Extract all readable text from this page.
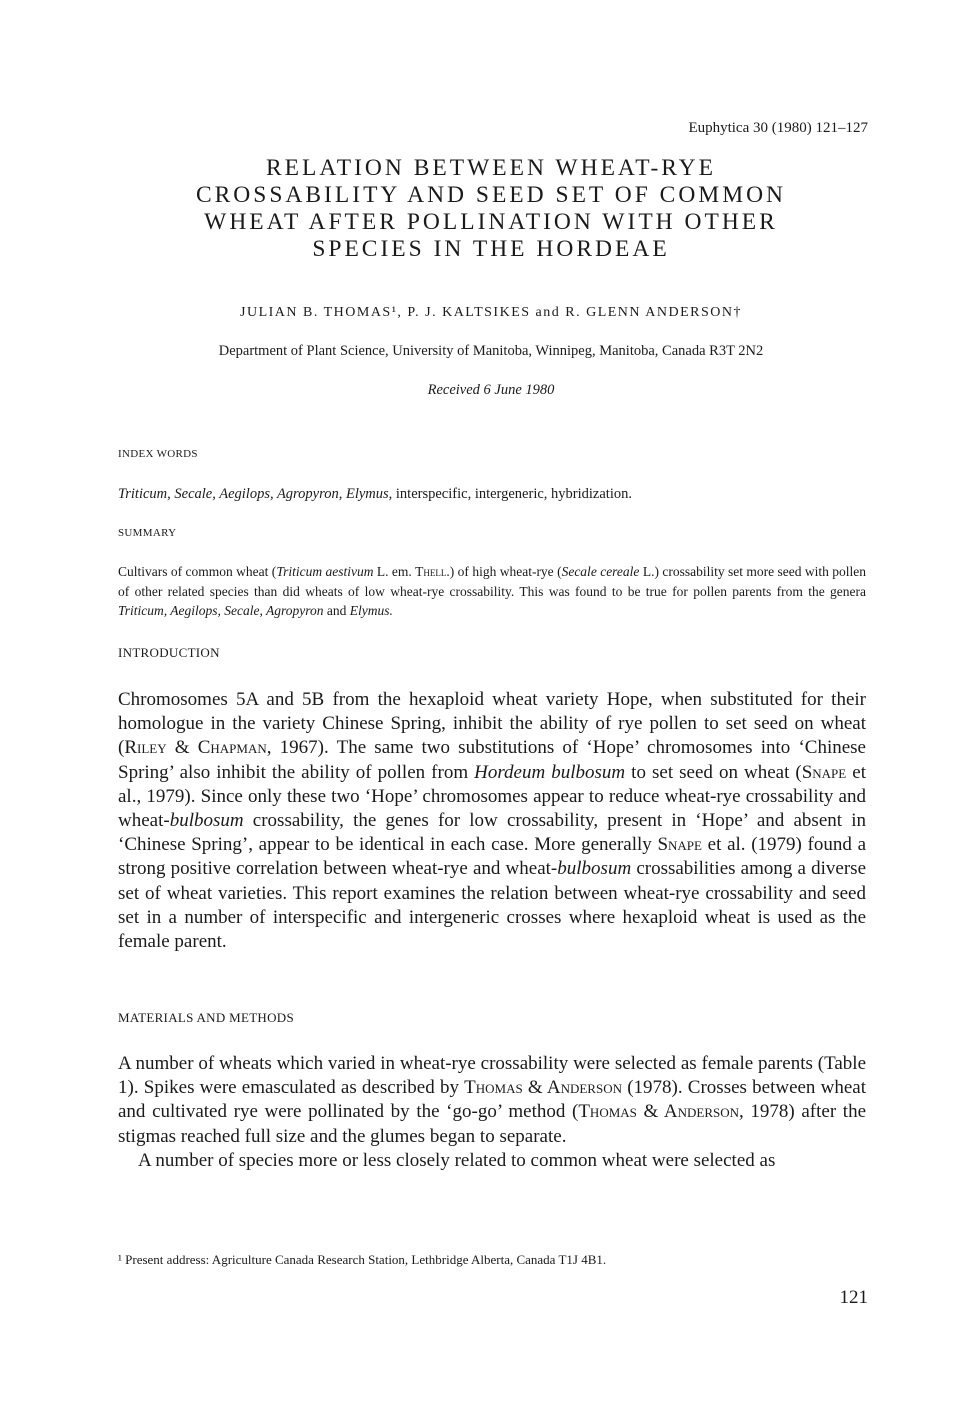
Euphytica 30 (1980) 121–127
RELATION BETWEEN WHEAT-RYE
CROSSABILITY AND SEED SET OF COMMON
WHEAT AFTER POLLINATION WITH OTHER
SPECIES IN THE HORDEAE
JULIAN B. THOMAS¹, P. J. KALTSIKES and R. GLENN ANDERSON†
Department of Plant Science, University of Manitoba, Winnipeg, Manitoba, Canada R3T 2N2
Received 6 June 1980
INDEX WORDS
Triticum, Secale, Aegilops, Agropyron, Elymus, interspecific, intergeneric, hybridization.
SUMMARY
Cultivars of common wheat (Triticum aestivum L. em. Thell.) of high wheat-rye (Secale cereale L.) crossability set more seed with pollen of other related species than did wheats of low wheat-rye crossability. This was found to be true for pollen parents from the genera Triticum, Aegilops, Secale, Agropyron and Elymus.
INTRODUCTION

Chromosomes 5A and 5B from the hexaploid wheat variety Hope, when substituted for their homologue in the variety Chinese Spring, inhibit the ability of rye pollen to set seed on wheat (Riley & Chapman, 1967). The same two substitutions of ‘Hope’ chromosomes into ‘Chinese Spring’ also inhibit the ability of pollen from Hordeum bulbosum to set seed on wheat (Snape et al., 1979). Since only these two ‘Hope’ chromosomes appear to reduce wheat-rye crossability and wheat-bulbosum crossability, the genes for low crossability, present in ‘Hope’ and absent in ‘Chinese Spring’, appear to be identical in each case. More generally Snape et al. (1979) found a strong positive correlation between wheat-rye and wheat-bulbosum crossabilities among a diverse set of wheat varieties. This report examines the relation between wheat-rye crossability and seed set in a number of interspecific and intergeneric crosses where hexaploid wheat is used as the female parent.

MATERIALS AND METHODS

A number of wheats which varied in wheat-rye crossability were selected as female parents (Table 1). Spikes were emasculated as described by Thomas & Anderson (1978). Crosses between wheat and cultivated rye were pollinated by the ‘go-go’ method (Thomas & Anderson, 1978) after the stigmas reached full size and the glumes began to separate.

A number of species more or less closely related to common wheat were selected as

¹ Present address: Agriculture Canada Research Station, Lethbridge Alberta, Canada T1J 4B1.
121
